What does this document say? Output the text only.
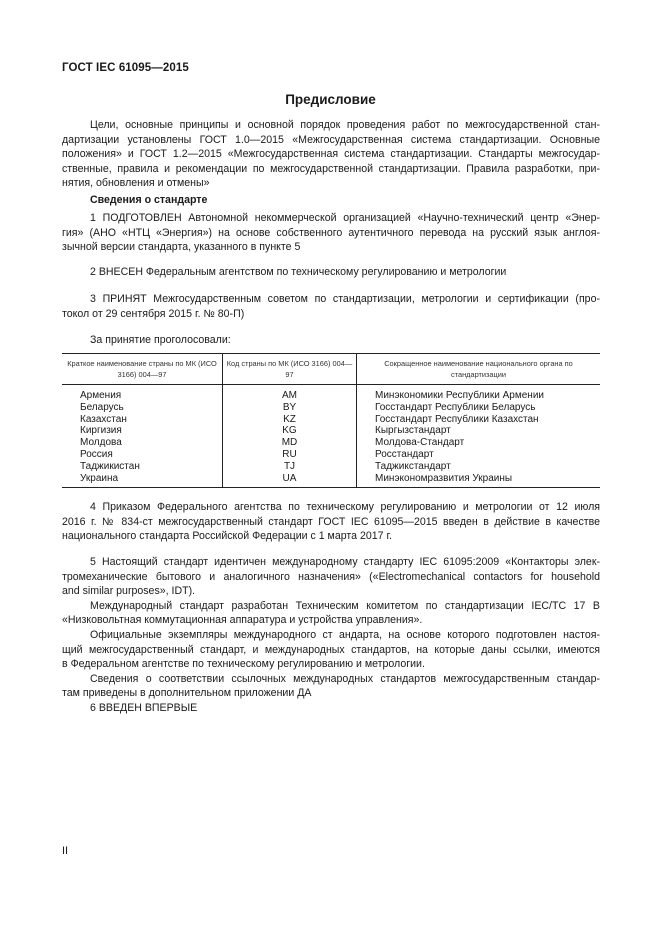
ГОСТ IEC 61095—2015
Предисловие
Цели, основные принципы и основной порядок проведения работ по межгосударственной стан-
дартизации установлены ГОСТ 1.0—2015 «Межгосударственная система стандартизации. Основные
положения» и ГОСТ 1.2—2015 «Межгосударственная система стандартизации. Стандарты межгосудар-
ственные, правила и рекомендации по межгосударственной стандартизации. Правила разработки, при-
нятия, обновления и отмены»
Сведения о стандарте
1 ПОДГОТОВЛЕН Автономной некоммерческой организацией «Научно-технический центр «Энер-
гия» (АНО «НТЦ «Энергия») на основе собственного аутентичного перевода на русский язык англоя-
зычной версии стандарта, указанного в пункте 5
2 ВНЕСЕН Федеральным агентством по техническому регулированию и метрологии
3 ПРИНЯТ Межгосударственным советом по стандартизации, метрологии и сертификации (про-
токол от 29 сентября 2015 г. № 80-П)
За принятие проголосовали:
Краткое наименование страны по МК (ИСО 3166) 004—97	Код страны по МК (ИСО 3166) 004—97	Сокращенное наименование национального органа по стандартизации
Армения	AM	Минэкономики Республики Армении
Беларусь	BY	Госстандарт Республики Беларусь
Казахстан	KZ	Госстандарт Республики Казахстан
Киргизия	KG	Кыргызстандарт
Молдова	MD	Молдова-Стандарт
Россия	RU	Росстандарт
Таджикистан	TJ	Таджикстандарт
Украина	UA	Минэкономразвития Украины
4 Приказом Федерального агентства по техническому регулированию и метрологии от 12 июля
2016 г. № 834-ст межгосударственный стандарт ГОСТ IEC 61095—2015 введен в действие в качестве
национального стандарта Российской Федерации с 1 марта 2017 г.
5 Настоящий стандарт идентичен международному стандарту IEC 61095:2009 «Контакторы элек-
тромеханические бытового и аналогичного назначения» («Electromechanical contactors for household
and similar purposes», IDT).
Международный стандарт разработан Техническим комитетом по стандартизации IEC/TC 17 В
«Низковольтная коммутационная аппаратура и устройства управления».
Официальные экземпляры международного ст андарта, на основе которого подготовлен настоя-
щий межгосударственный стандарт, и международных стандартов, на которые даны ссылки, имеются
в Федеральном агентстве по техническому регулированию и метрологии.
Сведения о соответствии ссылочных международных стандартов межгосударственным стандар-
там приведены в дополнительном приложении ДА
6 ВВЕДЕН ВПЕРВЫЕ
II
